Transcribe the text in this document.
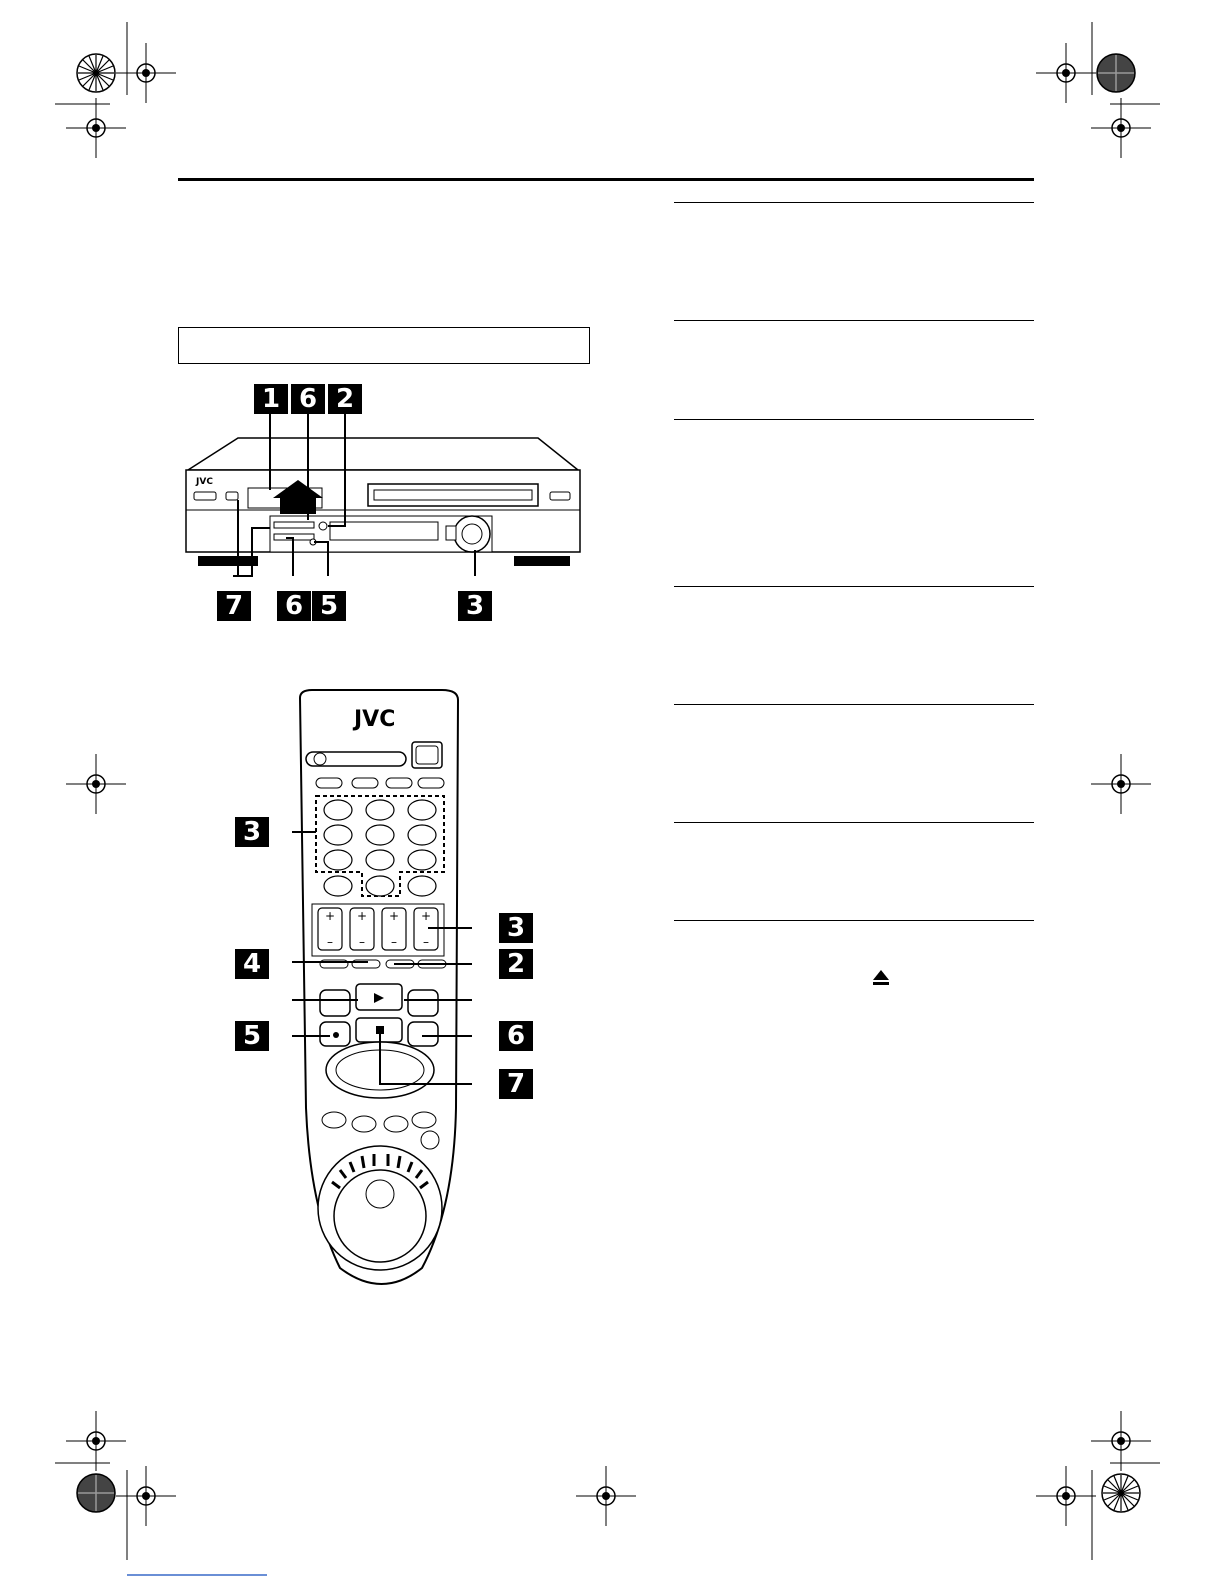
JVC
1 6 2
7	6 5	3
JVC
+ + + +
– – – –
3
3
4	2
5	6
7
